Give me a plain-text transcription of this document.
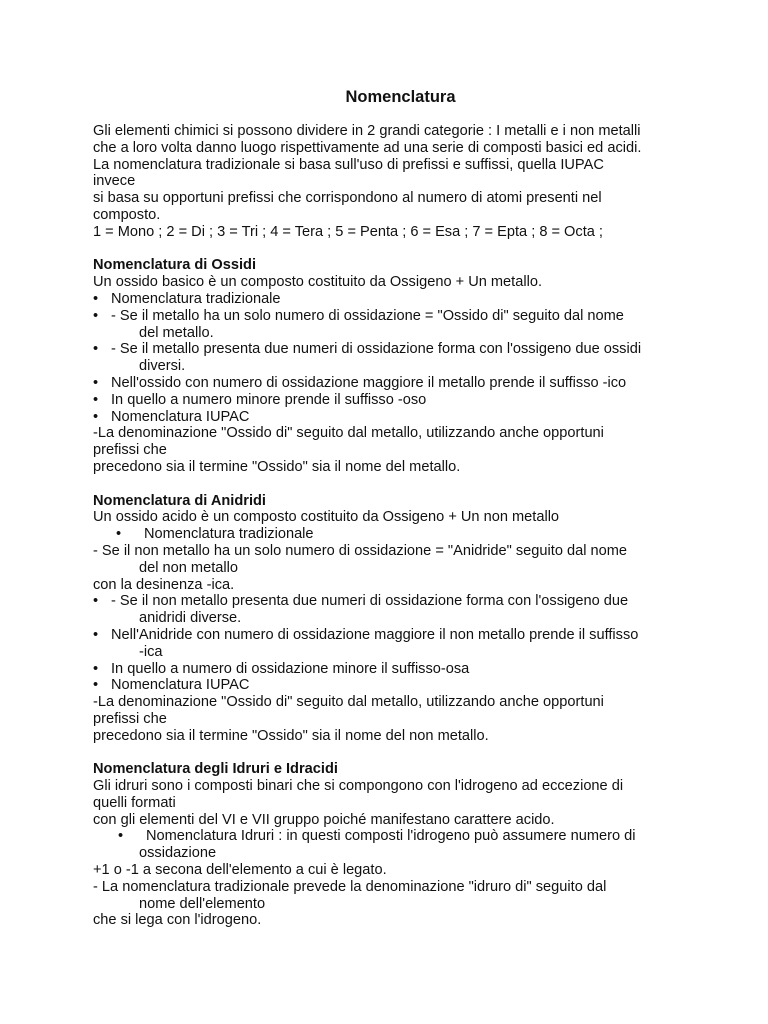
Nomenclatura
Gli elementi chimici si possono dividere in 2 grandi categorie : I metalli e i non metalli
che a loro volta danno luogo rispettivamente ad una serie di composti basici ed acidi.
La nomenclatura tradizionale si basa sull'uso di prefissi e suffissi, quella IUPAC
invece
si basa su opportuni prefissi che corrispondono al numero di atomi presenti nel
composto.
1 = Mono ; 2 = Di ; 3 = Tri ; 4 = Tera ; 5 = Penta ; 6 = Esa ; 7 = Epta ; 8 = Octa ;
Nomenclatura di Ossidi
Un ossido basico è un composto costituito da Ossigeno + Un metallo.
• Nomenclatura tradizionale
• - Se il metallo ha un solo numero di ossidazione = "Ossido di" seguito dal nome
del metallo.
• - Se il metallo presenta due numeri di ossidazione forma con l'ossigeno due ossidi
diversi.
• Nell'ossido con numero di ossidazione maggiore il metallo prende il suffisso -ico
• In quello a numero minore prende il suffisso -oso
• Nomenclatura IUPAC
-La denominazione "Ossido di" seguito dal metallo, utilizzando anche opportuni
prefissi che
precedono sia il termine "Ossido" sia il nome del metallo.
Nomenclatura di Anidridi
Un ossido acido è un composto costituito da Ossigeno + Un non metallo
•	Nomenclatura tradizionale
- Se il non metallo ha un solo numero di ossidazione = "Anidride" seguito dal nome
del non metallo
con la desinenza -ica.
• - Se il non metallo presenta due numeri di ossidazione forma con l'ossigeno due
anidridi diverse.
• Nell'Anidride con numero di ossidazione maggiore il non metallo prende il suffisso
-ica
• In quello a numero di ossidazione minore il suffisso-osa
• Nomenclatura IUPAC
-La denominazione "Ossido di" seguito dal metallo, utilizzando anche opportuni
prefissi che
precedono sia il termine "Ossido" sia il nome del non metallo.
Nomenclatura degli Idruri e Idracidi
Gli idruri sono i composti binari che si compongono con l'idrogeno ad eccezione di
quelli formati
con gli elementi del VI e VII gruppo poiché manifestano carattere acido.
•	Nomenclatura Idruri : in questi composti l'idrogeno può assumere numero di
ossidazione
+1 o -1 a secona dell'elemento a cui è legato.
- La nomenclatura tradizionale prevede la denominazione "idruro di" seguito dal
nome dell'elemento
che si lega con l'idrogeno.
